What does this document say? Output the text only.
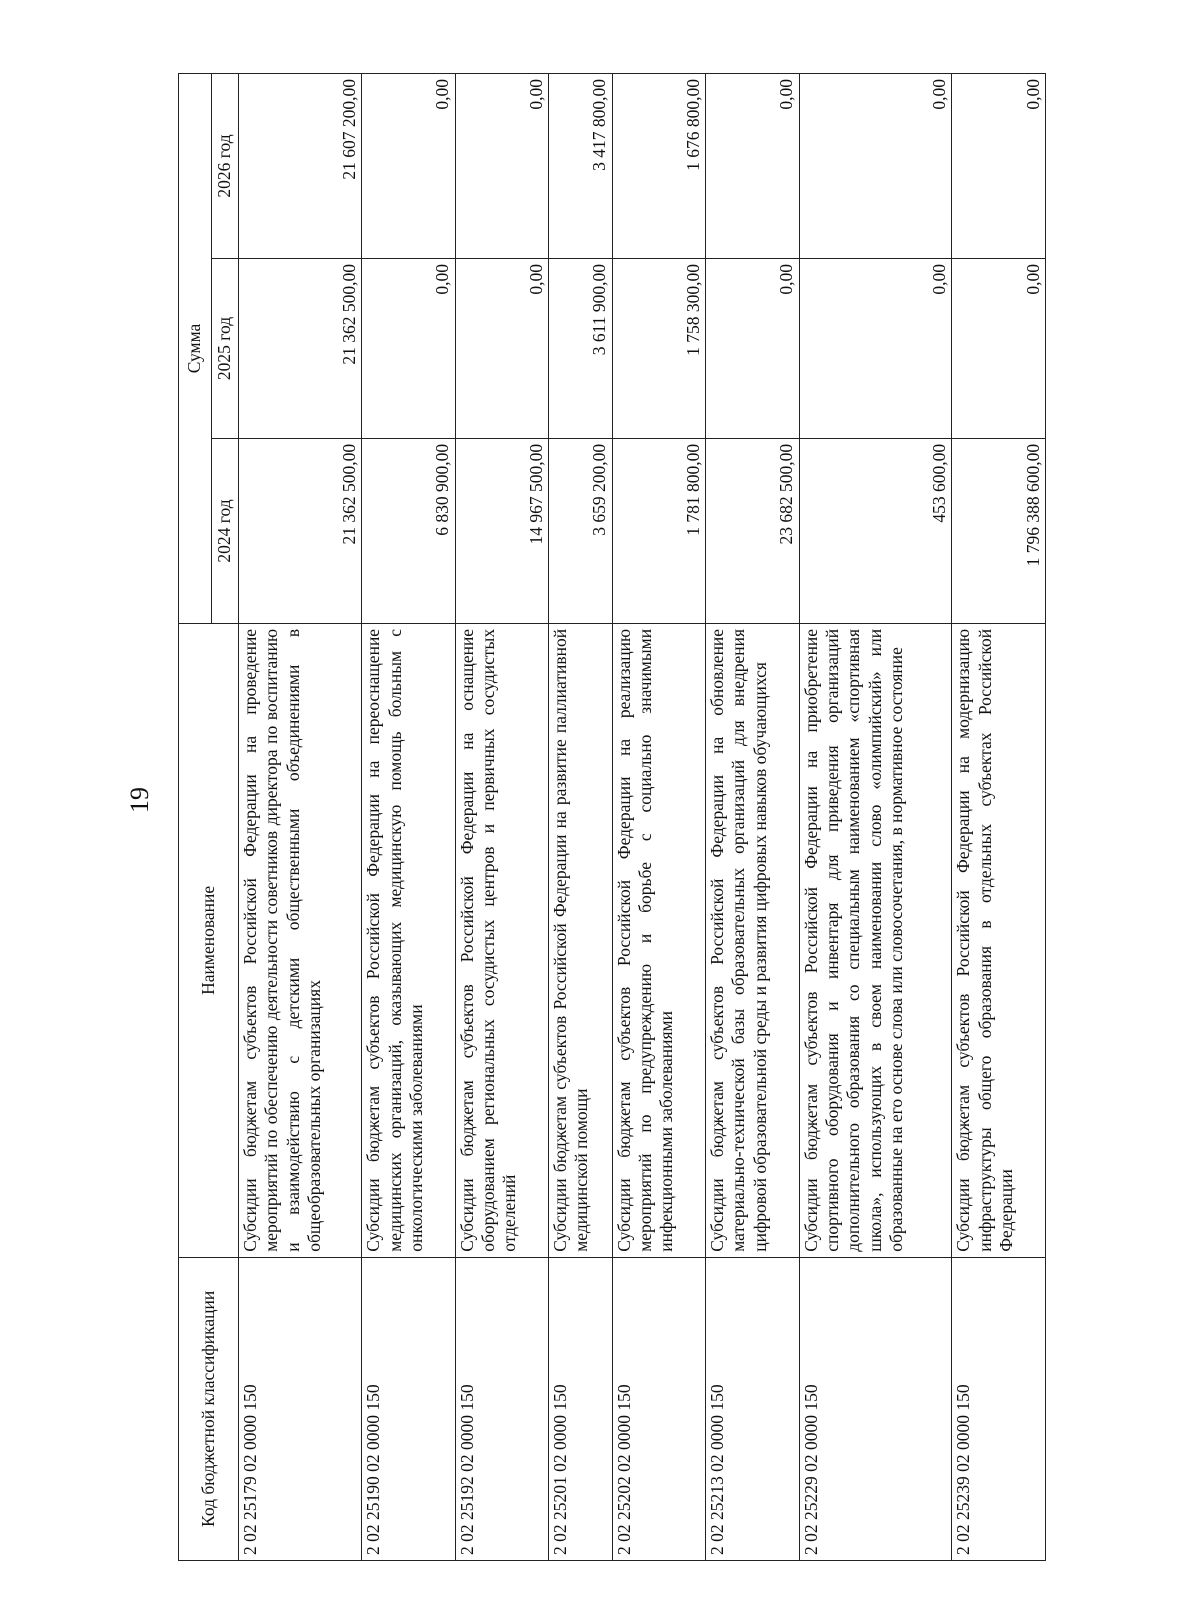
19
Код бюджетной классификации	Наименование	Сумма		
		2024 год	2025 год	2026 год
2 02 25179 02 0000 150	Субсидии бюджетам субъектов Российской Федерации на проведение мероприятий по обеспечению деятельности советников директора по воспитанию и взаимодействию с детскими общественными объединениями в общеобразовательных организациях	21 362 500,00	21 362 500,00	21 607 200,00
2 02 25190 02 0000 150	Субсидии бюджетам субъектов Российской Федерации на переоснащение медицинских организаций, оказывающих медицинскую помощь больным с онкологическими заболеваниями	6 830 900,00	0,00	0,00
2 02 25192 02 0000 150	Субсидии бюджетам субъектов Российской Федерации на оснащение оборудованием региональных сосудистых центров и первичных сосудистых отделений	14 967 500,00	0,00	0,00
2 02 25201 02 0000 150	Субсидии бюджетам субъектов Российской Федерации на развитие паллиативной медицинской помощи	3 659 200,00	3 611 900,00	3 417 800,00
2 02 25202 02 0000 150	Субсидии бюджетам субъектов Российской Федерации на реализацию мероприятий по предупреждению и борьбе с социально значимыми инфекционными заболеваниями	1 781 800,00	1 758 300,00	1 676 800,00
2 02 25213 02 0000 150	Субсидии бюджетам субъектов Российской Федерации на обновление материально-технической базы образовательных организаций для внедрения цифровой образовательной среды и развития цифровых навыков обучающихся	23 682 500,00	0,00	0,00
2 02 25229 02 0000 150	Субсидии бюджетам субъектов Российской Федерации на приобретение спортивного оборудования и инвентаря для приведения организаций дополнительного образования со специальным наименованием «спортивная школа», использующих в своем наименовании слово «олимпийский» или образованные на его основе слова или словосочетания, в нормативное состояние	453 600,00	0,00	0,00
2 02 25239 02 0000 150	Субсидии бюджетам субъектов Российской Федерации на модернизацию инфраструктуры общего образования в отдельных субъектах Российской Федерации	1 796 388 600,00	0,00	0,00
